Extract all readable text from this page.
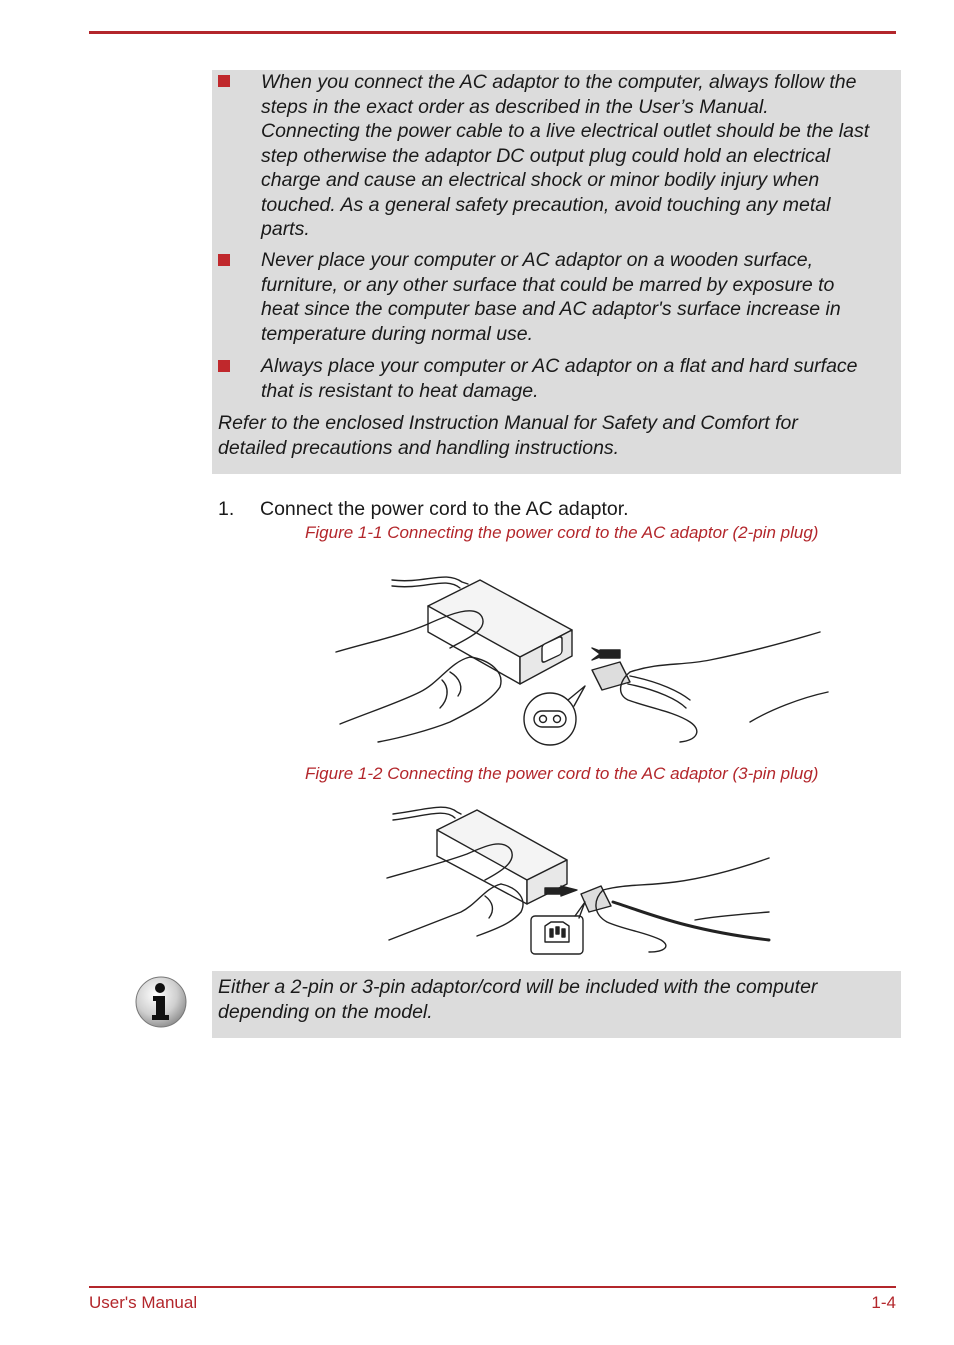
When you connect the AC adaptor to the computer, always follow the
steps in the exact order as described in the User’s Manual.
Connecting the power cable to a live electrical outlet should be the last
step otherwise the adaptor DC output plug could hold an electrical
charge and cause an electrical shock or minor bodily injury when
touched. As a general safety precaution, avoid touching any metal
parts.
Never place your computer or AC adaptor on a wooden surface,
furniture, or any other surface that could be marred by exposure to
heat since the computer base and AC adaptor's surface increase in
temperature during normal use.
Always place your computer or AC adaptor on a flat and hard surface
that is resistant to heat damage.
Refer to the enclosed Instruction Manual for Safety and Comfort for
detailed precautions and handling instructions.
1. Connect the power cord to the AC adaptor.
Figure 1-1 Connecting the power cord to the AC adaptor (2-pin plug)
Figure 1-2 Connecting the power cord to the AC adaptor (3-pin plug)
Either a 2-pin or 3-pin adaptor/cord will be included with the computer
depending on the model.
User's Manual	1-4
